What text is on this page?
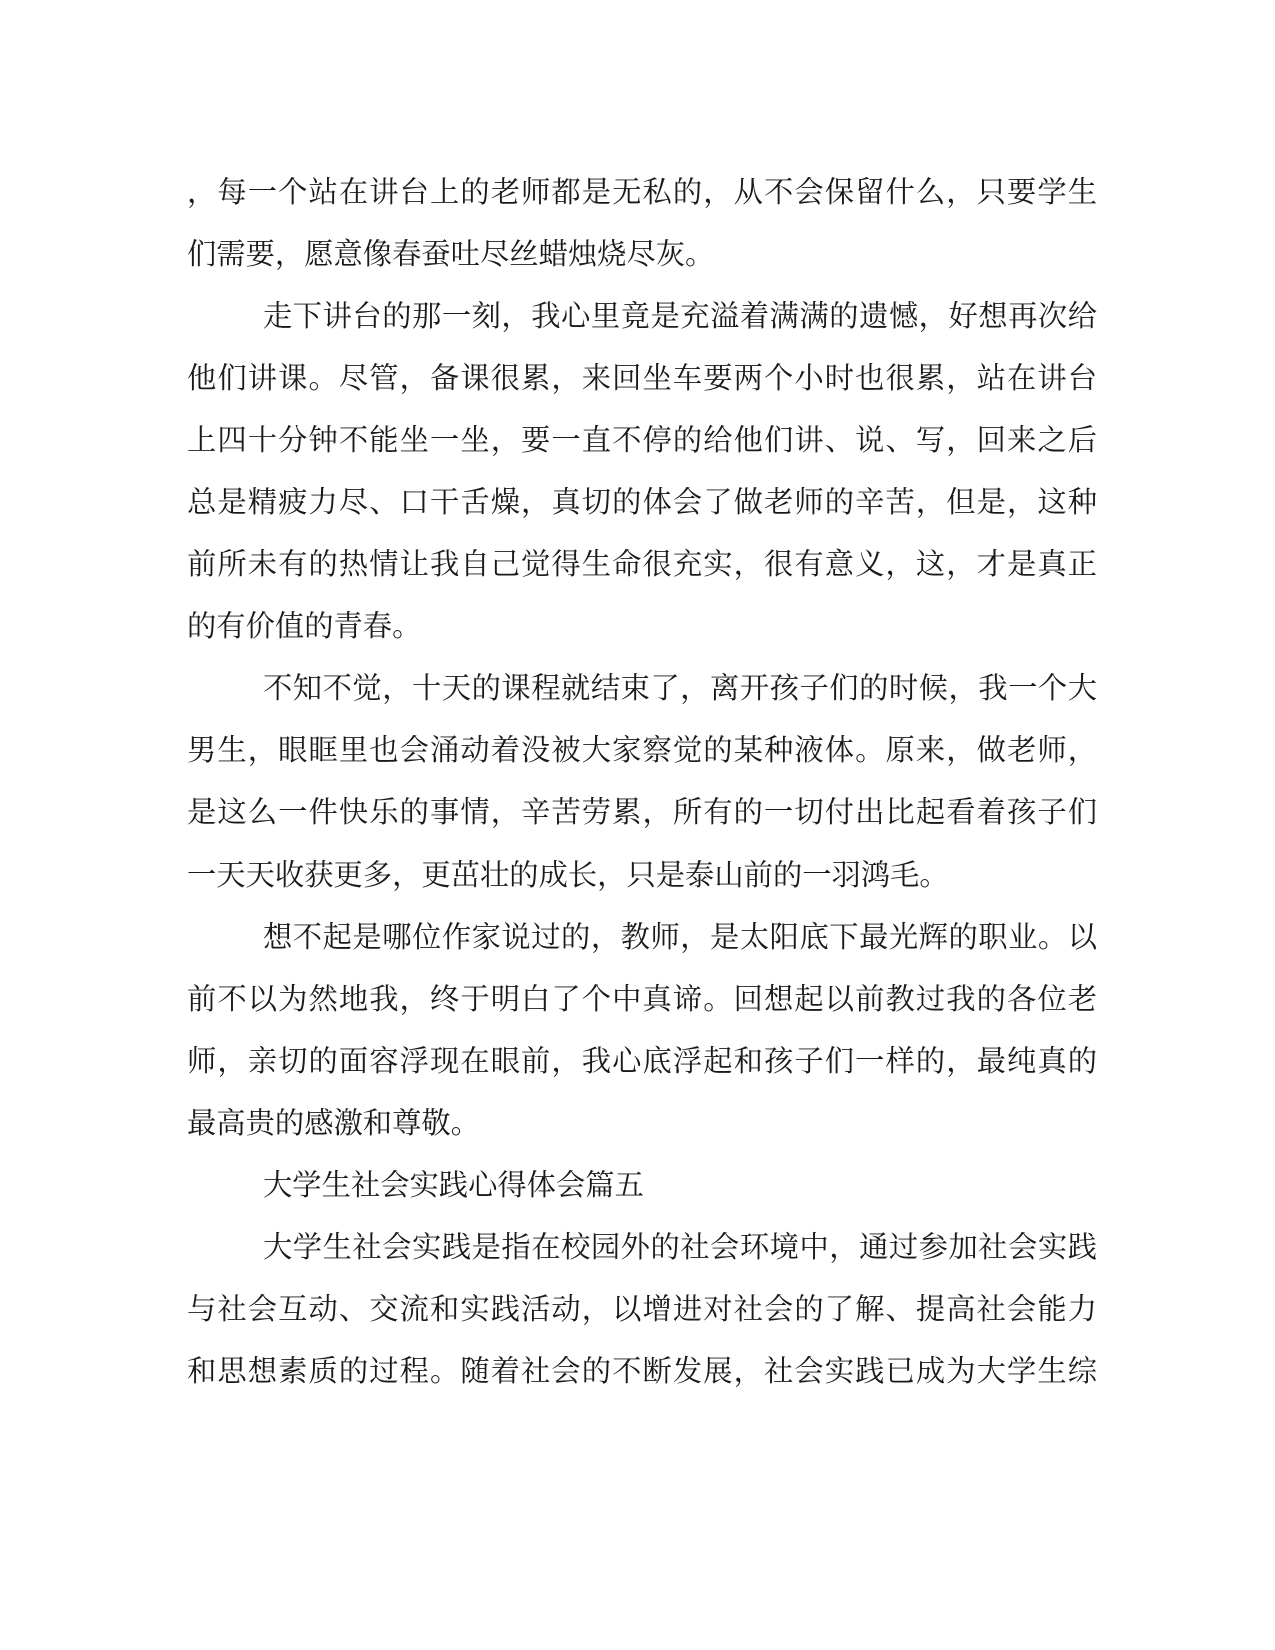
，每一个站在讲台上的老师都是无私的，从不会保留什么，只要学生
们需要，愿意像春蚕吐尽丝蜡烛烧尽灰。
走下讲台的那一刻，我心里竟是充溢着满满的遗憾，好想再次给
他们讲课。尽管，备课很累，来回坐车要两个小时也很累，站在讲台
上四十分钟不能坐一坐，要一直不停的给他们讲、说、写，回来之后
总是精疲力尽、口干舌燥，真切的体会了做老师的辛苦，但是，这种
前所未有的热情让我自己觉得生命很充实，很有意义，这，才是真正
的有价值的青春。
不知不觉，十天的课程就结束了，离开孩子们的时候，我一个大
男生，眼眶里也会涌动着没被大家察觉的某种液体。原来，做老师，
是这么一件快乐的事情，辛苦劳累，所有的一切付出比起看着孩子们
一天天收获更多，更茁壮的成长，只是泰山前的一羽鸿毛。
想不起是哪位作家说过的，教师，是太阳底下最光辉的职业。以
前不以为然地我，终于明白了个中真谛。回想起以前教过我的各位老
师，亲切的面容浮现在眼前，我心底浮起和孩子们一样的，最纯真的
最高贵的感激和尊敬。
大学生社会实践心得体会篇五
大学生社会实践是指在校园外的社会环境中，通过参加社会实践
与社会互动、交流和实践活动，以增进对社会的了解、提高社会能力
和思想素质的过程。随着社会的不断发展，社会实践已成为大学生综
